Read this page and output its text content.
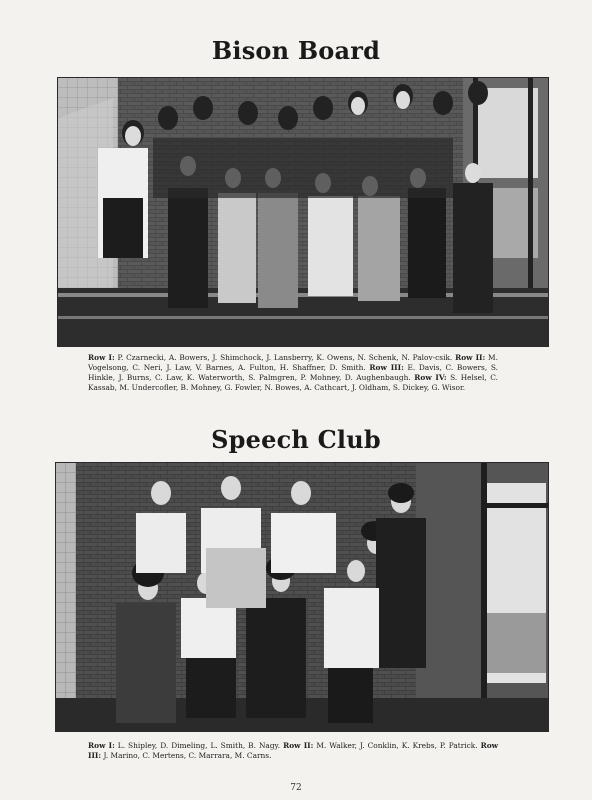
Bison Board
Row I: P. Czarnecki, A. Bowers, J. Shimchock, J. Lansberry, K. Owens, N. Schenk, N. Palov-csik. Row II: M. Vogelsong, C. Neri, J. Law, V. Barnes, A. Fulton, H. Shaffner, D. Smith. Row III: E. Davis, C. Bowers, S. Hinkle, J. Burns, C. Law, K. Waterworth, S. Palmgren, P. Mohney, D. Aughenbaugh. Row IV: S. Helsel, C. Kassab, M. Undercofler, B. Mohney, G. Fowler, N. Bowes, A. Cathcart, J. Oldham, S. Dickey, G. Wisor.
Speech Club
Row I: L. Shipley, D. Dimeling, L. Smith, B. Nagy. Row II: M. Walker, J. Conklin, K. Krebs, P. Patrick. Row III: J. Marino, C. Mertens, C. Marrara, M. Carns.
72
